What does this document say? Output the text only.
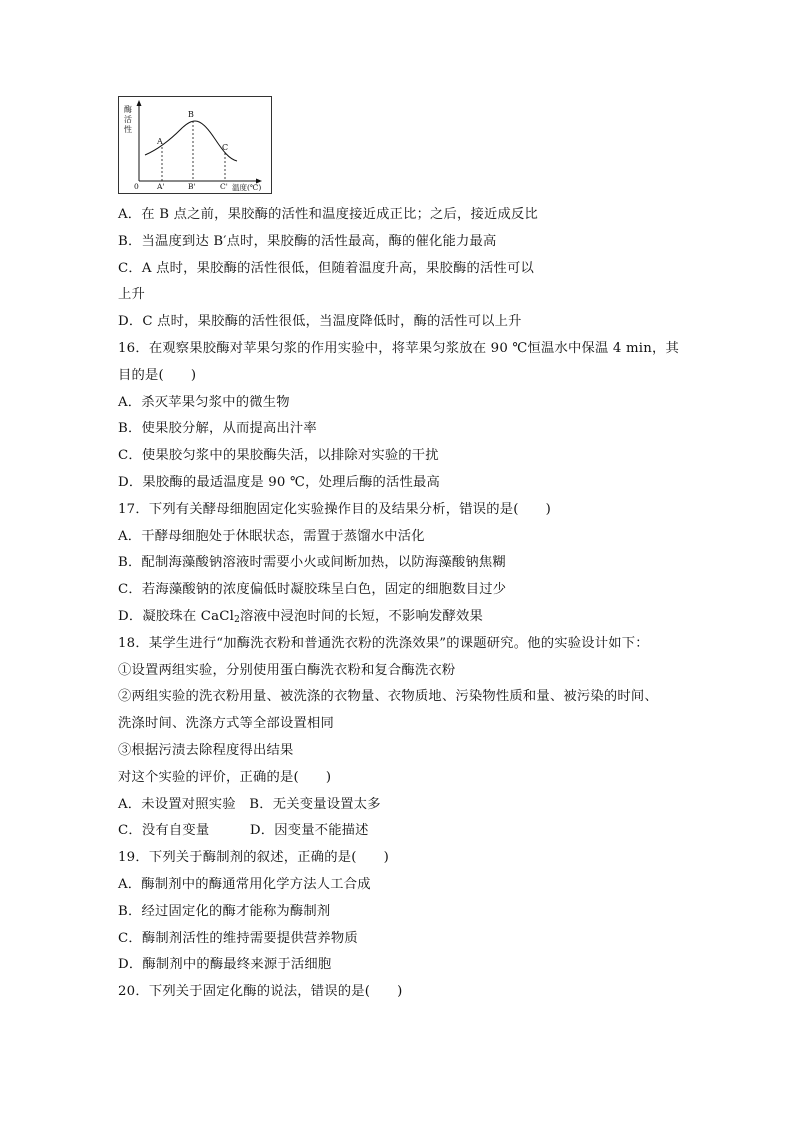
酶
活
性
A
B
C
0 A'	B'	C' 温度(℃)
A．在 B 点之前，果胶酶的活性和温度接近成正比；之后，接近成反比
B．当温度到达 B′点时，果胶酶的活性最高，酶的催化能力最高
C．A 点时，果胶酶的活性很低，但随着温度升高，果胶酶的活性可以
上升
D．C 点时，果胶酶的活性很低，当温度降低时，酶的活性可以上升
16．在观察果胶酶对苹果匀浆的作用实验中，将苹果匀浆放在 90 ℃恒温水中保温 4 min，其
目的是(　　)
A．杀灭苹果匀浆中的微生物
B．使果胶分解，从而提高出汁率
C．使果胶匀浆中的果胶酶失活，以排除对实验的干扰
D．果胶酶的最适温度是 90 ℃，处理后酶的活性最高
17．下列有关酵母细胞固定化实验操作目的及结果分析，错误的是(　　)
A．干酵母细胞处于休眠状态，需置于蒸馏水中活化
B．配制海藻酸钠溶液时需要小火或间断加热，以防海藻酸钠焦糊
C．若海藻酸钠的浓度偏低时凝胶珠呈白色，固定的细胞数目过少
D．凝胶珠在 CaCl$_2$溶液中浸泡时间的长短，不影响发酵效果
18．某学生进行“加酶洗衣粉和普通洗衣粉的洗涤效果”的课题研究。他的实验设计如下：
①设置两组实验，分别使用蛋白酶洗衣粉和复合酶洗衣粉
②两组实验的洗衣粉用量、被洗涤的衣物量、衣物质地、污染物性质和量、被污染的时间、
洗涤时间、洗涤方式等全部设置相同
③根据污渍去除程度得出结果
对这个实验的评价，正确的是(　　)
A．未设置对照实验　B．无关变量设置太多
C．没有自变量　　　D．因变量不能描述
19．下列关于酶制剂的叙述，正确的是(　　)
A．酶制剂中的酶通常用化学方法人工合成
B．经过固定化的酶才能称为酶制剂
C．酶制剂活性的维持需要提供营养物质
D．酶制剂中的酶最终来源于活细胞
20．下列关于固定化酶的说法，错误的是(　　)
